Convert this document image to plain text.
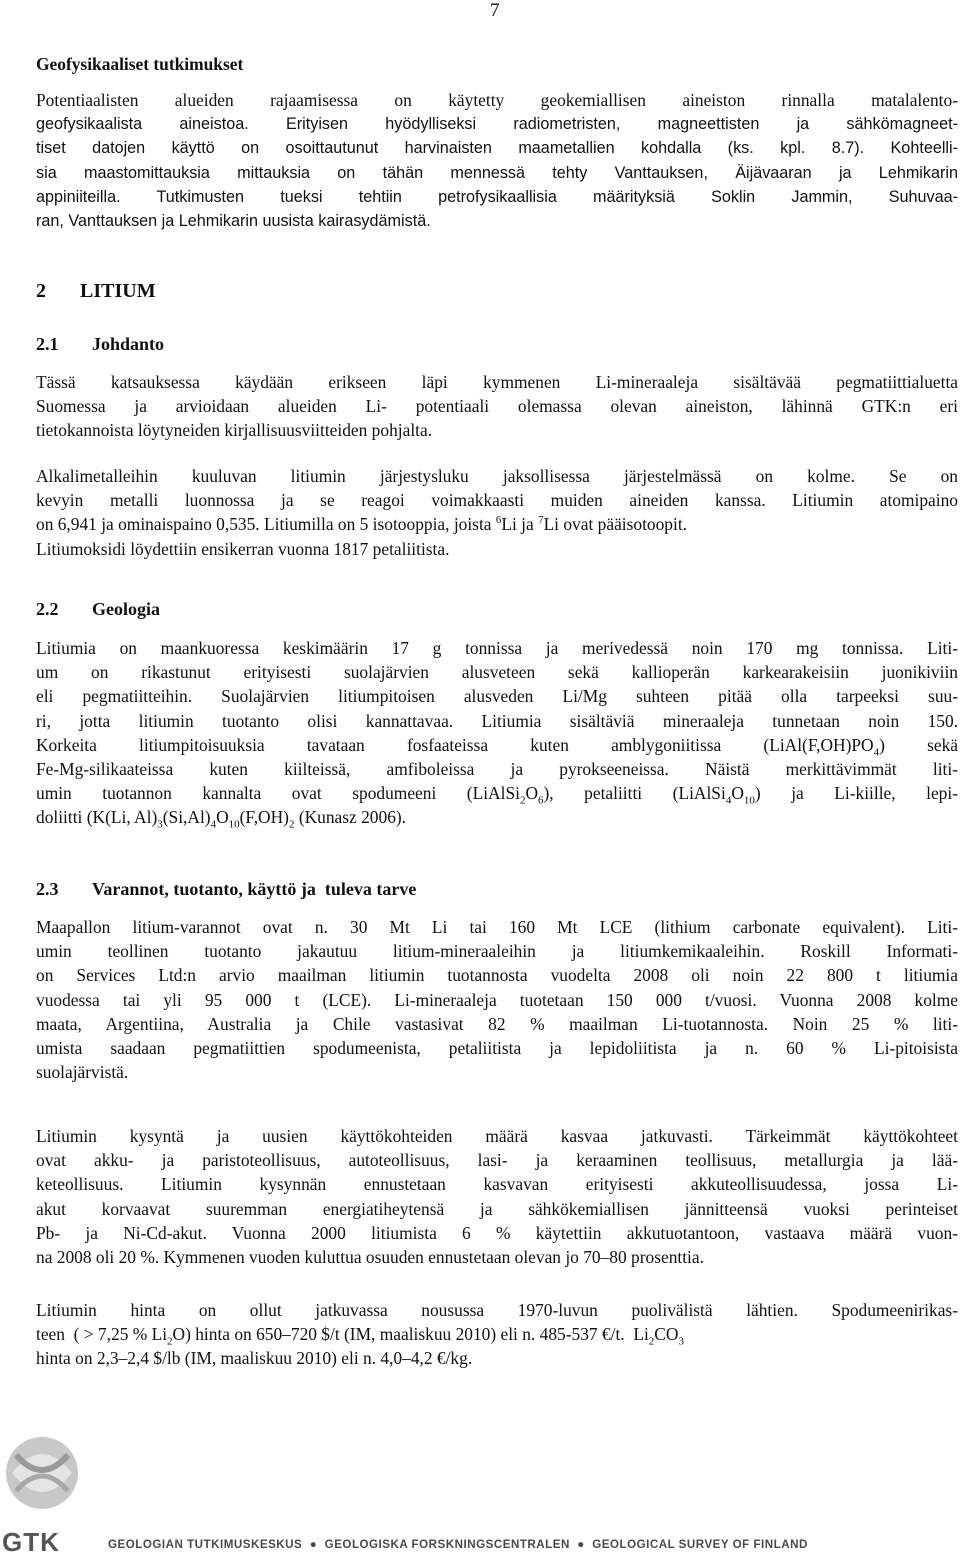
7
Geofysikaaliset tutkimukset
Potentiaalisten alueiden rajaamisessa on käytetty geokemiallisen aineiston rinnalla matalalento-
geofysikaalista aineistoa. Erityisen hyödylliseksi radiometristen, magneettisten ja sähkömagneet-
tiset datojen käyttö on osoittautunut harvinaisten maametallien kohdalla (ks. kpl. 8.7). Kohteelli-
sia maastomittauksia mittauksia on tähän mennessä tehty Vanttauksen, Äijävaaran ja Lehmikarin
appiniiteilla. Tutkimusten tueksi tehtiin petrofysikaallisia määrityksiä Soklin Jammin, Suhuvaa-
ran, Vanttauksen ja Lehmikarin uusista kairasydämistä.
2 LITIUM
2.1 Johdanto
Tässä katsauksessa käydään erikseen läpi kymmenen Li-mineraaleja sisältävää pegmatiittialuetta
Suomessa ja arvioidaan alueiden Li- potentiaali olemassa olevan aineiston, lähinnä GTK:n eri
tietokannoista löytyneiden kirjallisuusviitteiden pohjalta.
Alkalimetalleihin kuuluvan litiumin järjestysluku jaksollisessa järjestelmässä on kolme. Se on
kevyin metalli luonnossa ja se reagoi voimakkaasti muiden aineiden kanssa. Litiumin atomipaino
on 6,941 ja ominaispaino 0,535. Litiumilla on 5 isotooppia, joista $^6$Li ja $^7$Li ovat pääisotoopit.
Litiumoksidi löydettiin ensikerran vuonna 1817 petaliitista.
2.2 Geologia
Litiumia on maankuoressa keskimäärin 17 g tonnissa ja merivedessä noin 170 mg tonnissa. Liti-
um on rikastunut erityisesti suolajärvien alusveteen sekä kallioperän karkearakeisiin juonikiviin
eli pegmatiitteihin. Suolajärvien litiumpitoisen alusveden Li/Mg suhteen pitää olla tarpeeksi suu-
ri, jotta litiumin tuotanto olisi kannattavaa. Litiumia sisältäviä mineraaleja tunnetaan noin 150.
Korkeita litiumpitoisuuksia tavataan fosfaateissa kuten amblygoniitissa $(LiAl(F,OH)PO_4)$ sekä
Fe-Mg-silikaateissa kuten kiilteissä, amfiboleissa ja pyrokseeneissa. Näistä merkittävimmät liti-
umin tuotannon kannalta ovat spodumeeni $(LiAlSi_2O_6)$, petaliitti $(LiAlSi_4O_{10})$ ja Li-kiille, lepi-
doliitti (K(Li, $Al)_3(Si,Al)_4O_{10}(F,OH)_2$ (Kunasz 2006).
2.3 Varannot, tuotanto, käyttö ja  tuleva tarve
Maapallon litium-varannot ovat n. 30 Mt Li tai 160 Mt LCE (lithium carbonate equivalent). Liti-
umin teollinen tuotanto jakautuu litium-mineraaleihin ja litiumkemikaaleihin. Roskill Informati-
on Services Ltd:n arvio maailman litiumin tuotannosta vuodelta 2008 oli noin 22 800 t litiumia
vuodessa tai yli 95 000 t (LCE). Li-mineraaleja tuotetaan 150 000 t/vuosi. Vuonna 2008 kolme
maata, Argentiina, Australia ja Chile vastasivat 82 % maailman Li-tuotannosta. Noin 25 % liti-
umista saadaan pegmatiittien spodumeenista, petaliitista ja lepidoliitista ja n. 60 % Li-pitoisista
suolajärvistä.
Litiumin kysyntä ja uusien käyttökohteiden määrä kasvaa jatkuvasti. Tärkeimmät käyttökohteet
ovat akku- ja paristoteollisuus, autoteollisuus, lasi- ja keraaminen teollisuus, metallurgia ja lää-
keteollisuus. Litiumin kysynnän ennustetaan kasvavan erityisesti akkuteollisuudessa, jossa Li-
akut korvaavat suuremman energiatiheytensä ja sähkökemiallisen jännitteensä vuoksi perinteiset
Pb- ja Ni-Cd-akut. Vuonna 2000 litiumista 6 % käytettiin akkutuotantoon, vastaava määrä vuon-
na 2008 oli 20 %. Kymmenen vuoden kuluttua osuuden ennustetaan olevan jo 70–80 prosenttia.
Litiumin hinta on ollut jatkuvassa nousussa 1970-luvun puolivälistä lähtien. Spodumeenirikas-
teen  ( > 7,25 % $Li_2O$) hinta on 650–720 $/t (IM, maaliskuu 2010) eli n. 485-537 €/t.  $Li_2CO_3$
hinta on 2,3–2,4 $/lb (IM, maaliskuu 2010) eli n. 4,0–4,2 €/kg.
GTK	GEOLOGIAN TUTKIMUSKESKUS  ●  GEOLOGISKA FORSKNINGSCENTRALEN  ●  GEOLOGICAL SURVEY OF FINLAND
